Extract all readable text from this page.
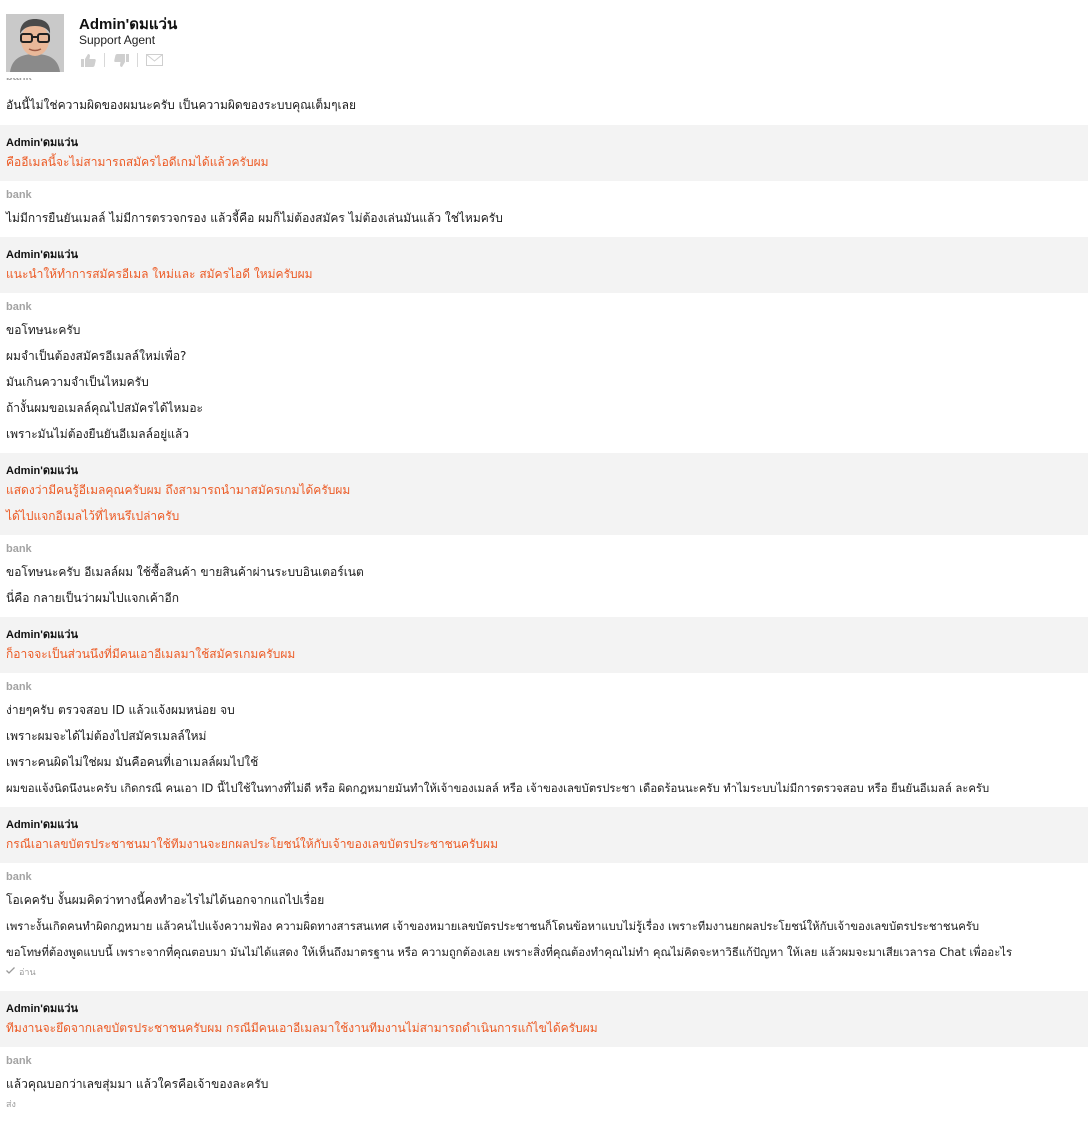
Admin'ดมแว่น
Support Agent
อันนี้ไม่ใช่ความผิดของผมนะครับ เป็นความผิดของระบบคุณเต็มๆเลย
Admin'ดมแว่น
คืออีเมลนี้จะไม่สามารถสมัครไอดีเกมได้แล้วครับผม
bank
ไม่มีการยืนยันเมลล์ ไม่มีการตรวจกรอง แล้วจี้คือ ผมก็ไม่ต้องสมัคร ไม่ต้องเล่นมันแล้ว ใช่ไหมครับ
Admin'ดมแว่น
แนะนำให้ทำการสมัครอีเมล ใหม่และ สมัครไอดี ใหม่ครับผม
bank
ขอโทษนะครับ
ผมจำเป็นต้องสมัครอีเมลล์ใหม่เพื่อ?
มันเกินความจำเป็นไหมครับ
ถ้างั้นผมขอเมลล์คุณไปสมัครได้ไหมอะ
เพราะมันไม่ต้องยืนยันอีเมลล์อยู่แล้ว
Admin'ดมแว่น
แสดงว่ามีคนรู้อีเมลคุณครับผม ถึงสามารถนำมาสมัครเกมได้ครับผม
ได้ไปแจกอีเมลไว้ที่ไหนรึเปล่าครับ
bank
ขอโทษนะครับ อีเมลล์ผม ใช้ซื้อสินค้า ขายสินค้าผ่านระบบอินเตอร์เนต
นี่คือ กลายเป็นว่าผมไปแจกเค้าอีก
Admin'ดมแว่น
ก็อาจจะเป็นส่วนนึงที่มีคนเอาอีเมลมาใช้สมัครเกมครับผม
bank
ง่ายๆครับ ตรวจสอบ ID แล้วแจ้งผมหน่อย จบ
เพราะผมจะได้ไม่ต้องไปสมัครเมลล์ใหม่
เพราะคนผิดไม่ใช่ผม มันคือคนที่เอาเมลล์ผมไปใช้
ผมขอแจ้งนิดนึงนะครับ เกิดกรณี คนเอา ID นี้ไปใช้ในทางที่ไม่ดี หรือ ผิดกฎหมายมันทำให้เจ้าของเมลล์ หรือ เจ้าของเลขบัตรประชา เดือดร้อนนะครับ ทำไมระบบไม่มีการตรวจสอบ หรือ ยืนยันอีเมลล์ ละครับ
Admin'ดมแว่น
กรณีเอาเลขบัตรประชาชนมาใช้ทีมงานจะยกผลประโยชน์ให้กับเจ้าของเลขบัตรประชาชนครับผม
bank
โอเคครับ งั้นผมคิดว่าทางนี้คงทำอะไรไม่ได้นอกจากแถไปเรื่อย
เพราะงั้นเกิดคนทำผิดกฎหมาย แล้วคนไปแจ้งความฟ้อง ความผิดทางสารสนเทศ เจ้าของหมายเลขบัตรประชาชนก็โดนข้อหาแบบไม่รู้เรื่อง เพราะทีมงานยกผลประโยชน์ให้กับเจ้าของเลขบัตรประชาชนครับ
ขอโทษที่ต้องพูดแบบนี้ เพราะจากที่คุณตอบมา มันไม่ได้แสดง ให้เห็นถึงมาตรฐาน หรือ ความถูกต้องเลย เพราะสิ่งที่คุณต้องทำคุณไม่ทำ คุณไม่คิดจะหาวิธีแก้ปัญหา ให้เลย แล้วผมจะมาเสียเวลารอ Chat เพื่ออะไร
อ่าน
Admin'ดมแว่น
ทีมงานจะยึดจากเลขบัตรประชาชนครับผม กรณีมีคนเอาอีเมลมาใช้งานทีมงานไม่สามารถดำเนินการแก้ไขได้ครับผม
bank
แล้วคุณบอกว่าเลขสุ่มมา แล้วใครคือเจ้าของละครับ
ส่ง
